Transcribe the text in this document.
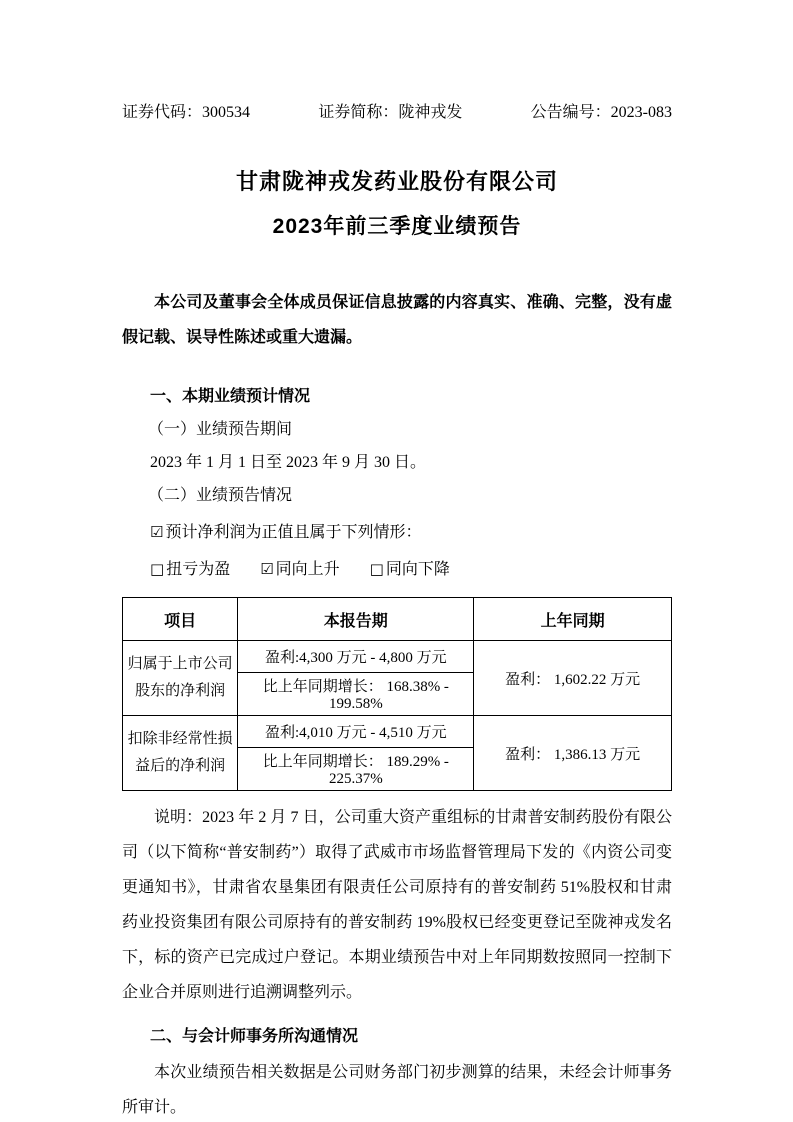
证券代码：300534	证券简称：陇神戎发	公告编号：2023-083
甘肃陇神戎发药业股份有限公司
2023年前三季度业绩预告

本公司及董事会全体成员保证信息披露的内容真实、准确、完整，没有虚假记载、误导性陈述或重大遗漏。

一、本期业绩预计情况
（一）业绩预告期间
2023 年 1 月 1 日至 2023 年 9 月 30 日。
（二）业绩预告情况
☑ 预计净利润为正值且属于下列情形：
□ 扭亏为盈 ☑ 同向上升 □ 同向下降
项目	本报告期	上年同期
归属于上市公司股东的净利润	盈利:4,300 万元 - 4,800 万元	盈利： 1,602.22 万元
	比上年同期增长： 168.38% - 199.58%	
扣除非经常性损益后的净利润	盈利:4,010 万元 - 4,510 万元	盈利： 1,386.13 万元
	比上年同期增长： 189.29% - 225.37%	

说明：2023 年 2 月 7 日，公司重大资产重组标的甘肃普安制药股份有限公司（以下简称“普安制药”）取得了武威市市场监督管理局下发的《内资公司变更通知书》，甘肃省农垦集团有限责任公司原持有的普安制药 51%股权和甘肃药业投资集团有限公司原持有的普安制药 19%股权已经变更登记至陇神戎发名下，标的资产已完成过户登记。本期业绩预告中对上年同期数按照同一控制下企业合并原则进行追溯调整列示。

二、与会计师事务所沟通情况

本次业绩预告相关数据是公司财务部门初步测算的结果，未经会计师事务所审计。
